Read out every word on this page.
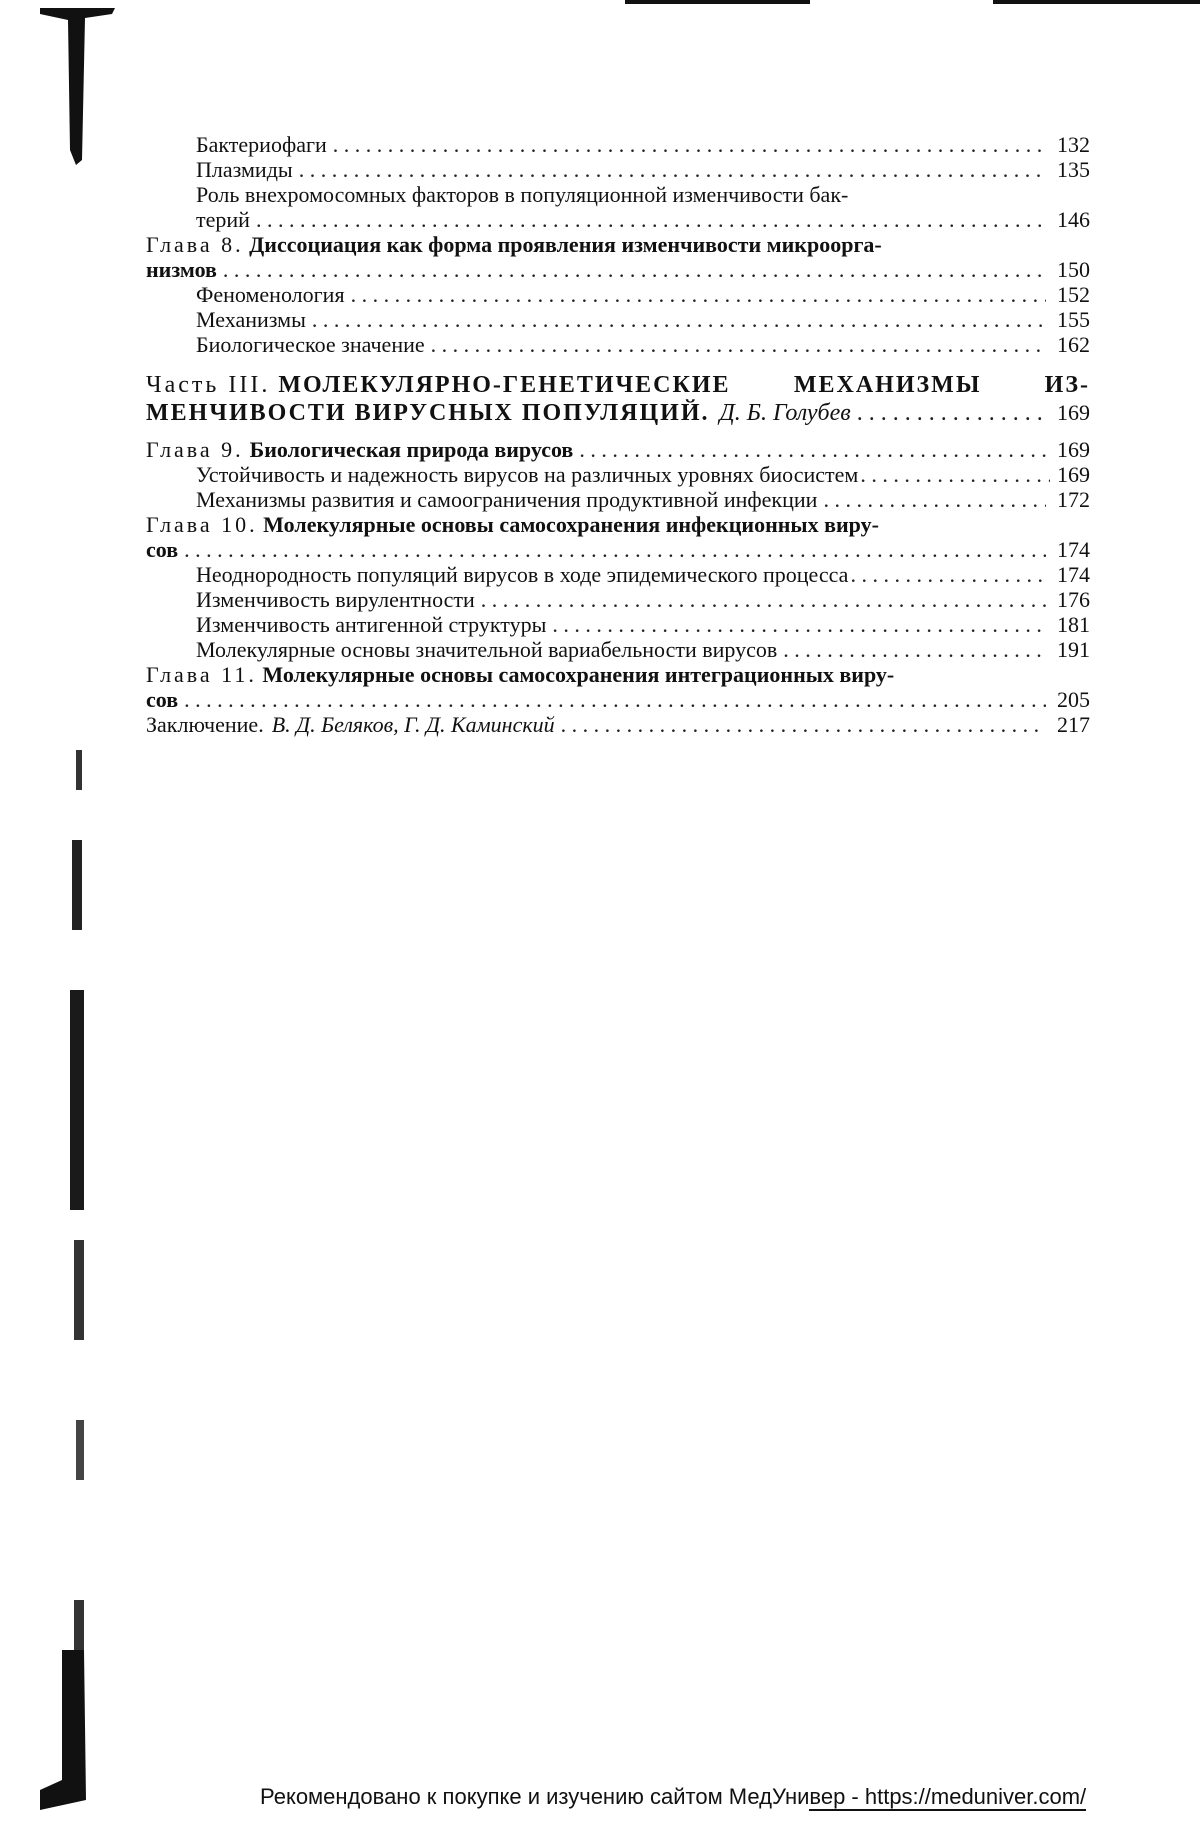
Бактериофаги . . .	132
Плазмиды . . .	135
Роль внехромосомных факторов в популяционной изменчивости бак-
терий . . .	146
Глава 8. Диссоциация как форма проявления изменчивости микроорга-
низмов . . .	150
Феноменология . . .	152
Механизмы . . .	155
Биологическое значение . . .	162
Часть III. МОЛЕКУЛЯРНО-ГЕНЕТИЧЕСКИЕ	МЕХАНИЗМЫ	ИЗ-
МЕНЧИВОСТИ ВИРУСНЫХ ПОПУЛЯЦИЙ. Д. Б. Голубев . . .	169
Глава 9. Биологическая природа вирусов . . .	169
Устойчивость и надежность вирусов на различных уровнях биосистем . . .	169
Механизмы развития и самоограничения продуктивной инфекции . . .	172
Глава 10. Молекулярные основы самосохранения инфекционных виру-
сов . . .	174
Неоднородность популяций вирусов в ходе эпидемического процесса . . .	174
Изменчивость вирулентности . . .	176
Изменчивость антигенной структуры . . .	181
Молекулярные основы значительной вариабельности вирусов . . .	191
Глава 11. Молекулярные основы самосохранения интеграционных виру-
сов . . .	205
Заключение. В. Д. Беляков, Г. Д. Каминский . . .	217
Рекомендовано к покупке и изучению сайтом МедУнивер - https://meduniver.com/
